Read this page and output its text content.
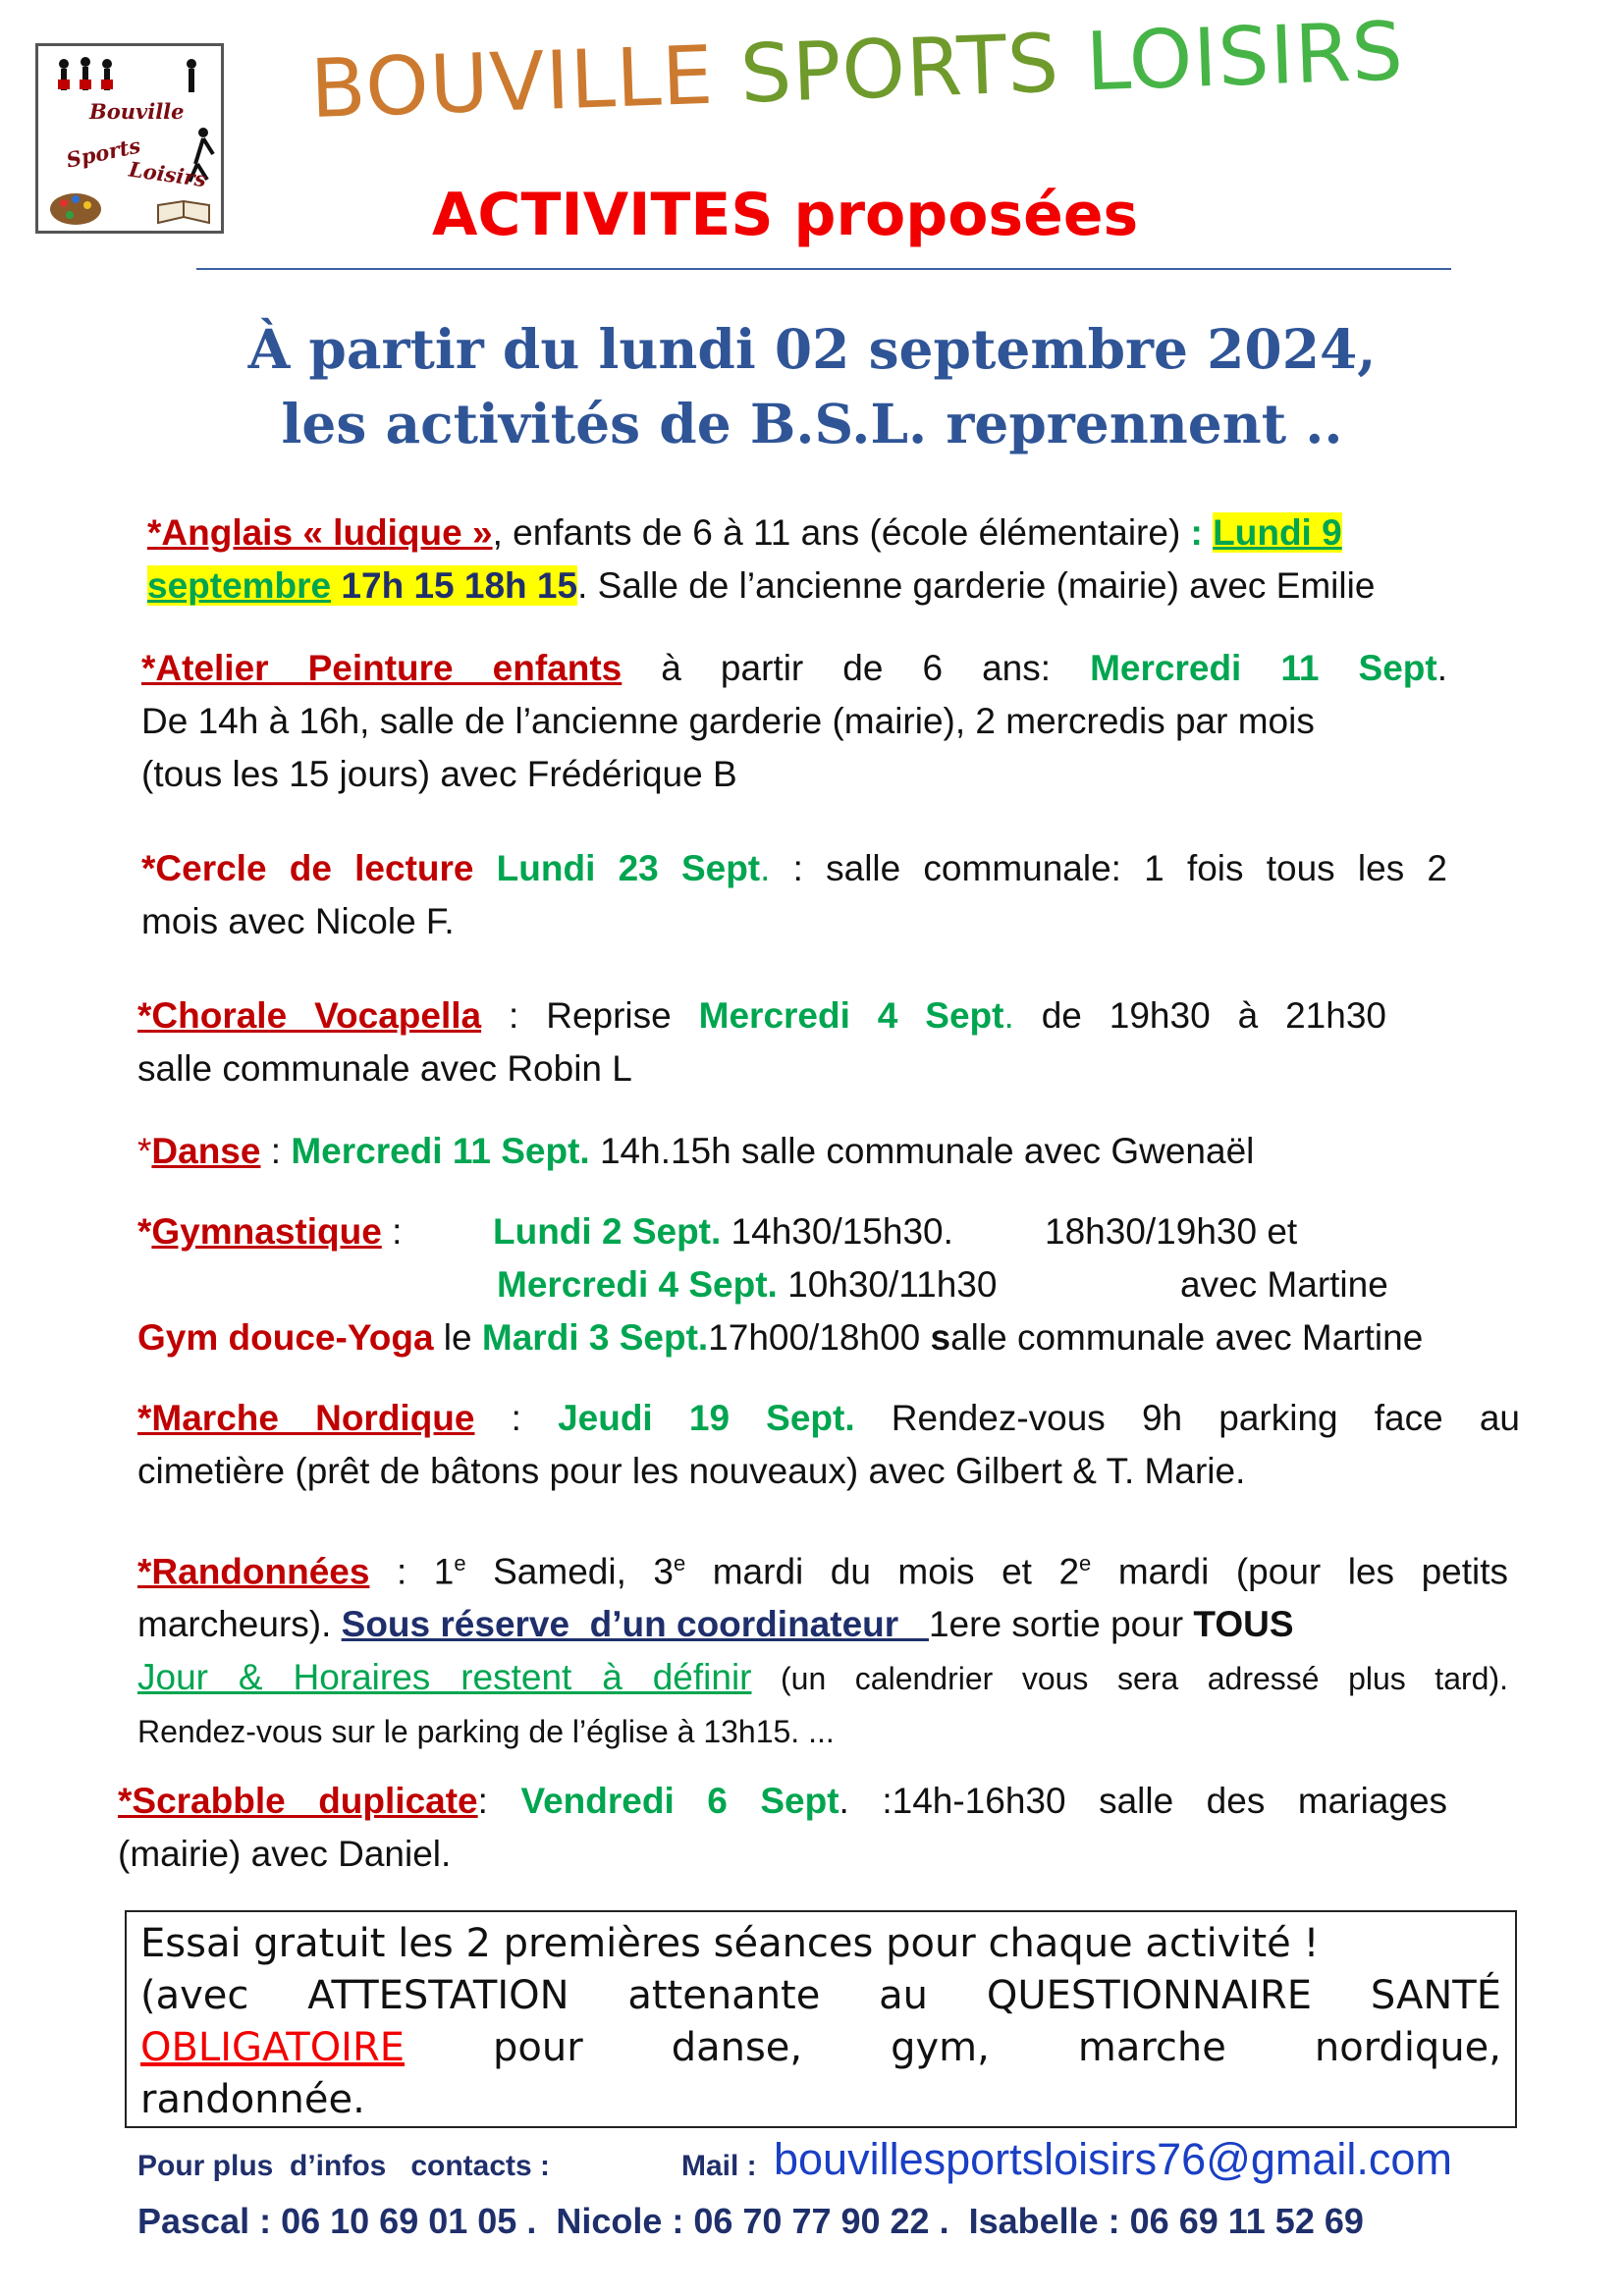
Bouville
Sports
Loisirs
BOUVILLE SPORTS LOISIRS
ACTIVITES proposées
À partir du lundi 02 septembre 2024,
les activités de B.S.L. reprennent ..
*Anglais « ludique », enfants de 6 à 11 ans (école élémentaire) : Lundi 9
septembre 17h 15 18h 15. Salle de l’ancienne garderie (mairie) avec Emilie
*Atelier Peinture enfants à partir de 6 ans: Mercredi 11 Sept.
De 14h à 16h, salle de l’ancienne garderie (mairie), 2 mercredis par mois
(tous les 15 jours) avec Frédérique B
*Cercle de lecture Lundi 23 Sept. : salle communale: 1 fois tous les 2
mois avec Nicole F.
*Chorale Vocapella : Reprise Mercredi 4 Sept. de 19h30 à 21h30
salle communale avec Robin L
*Danse : Mercredi 11 Sept. 14h.15h salle communale avec Gwenaël
*Gymnastique :	Lundi 2 Sept. 14h30/15h30.	18h30/19h30 et
Mercredi 4 Sept. 10h30/11h30	avec Martine
Gym douce-Yoga le Mardi 3 Sept.17h00/18h00 salle communale avec Martine
*Marche Nordique : Jeudi 19 Sept. Rendez-vous 9h parking face au
cimetière (prêt de bâtons pour les nouveaux) avec Gilbert & T. Marie.
*Randonnées : 1e Samedi, 3e mardi du mois et 2e mardi (pour les petits
marcheurs). Sous réserve  d’un coordinateur   1ere sortie pour TOUS
Jour & Horaires restent à définir (un calendrier vous sera adressé plus tard).
Rendez-vous sur le parking de l’église à 13h15. ...
*Scrabble duplicate: Vendredi 6 Sept. :14h-16h30 salle des mariages
(mairie) avec Daniel.
Essai gratuit les 2 premières séances pour chaque activité !
(avec ATTESTATION attenante au QUESTIONNAIRE SANTÉ
OBLIGATOIRE pour danse, gym, marche nordique,
randonnée.
Pour plus  d’infos   contacts :	Mail : bouvillesportsloisirs76@gmail.com
Pascal : 06 10 69 01 05 .  Nicole : 06 70 77 90 22 .  Isabelle : 06 69 11 52 69
